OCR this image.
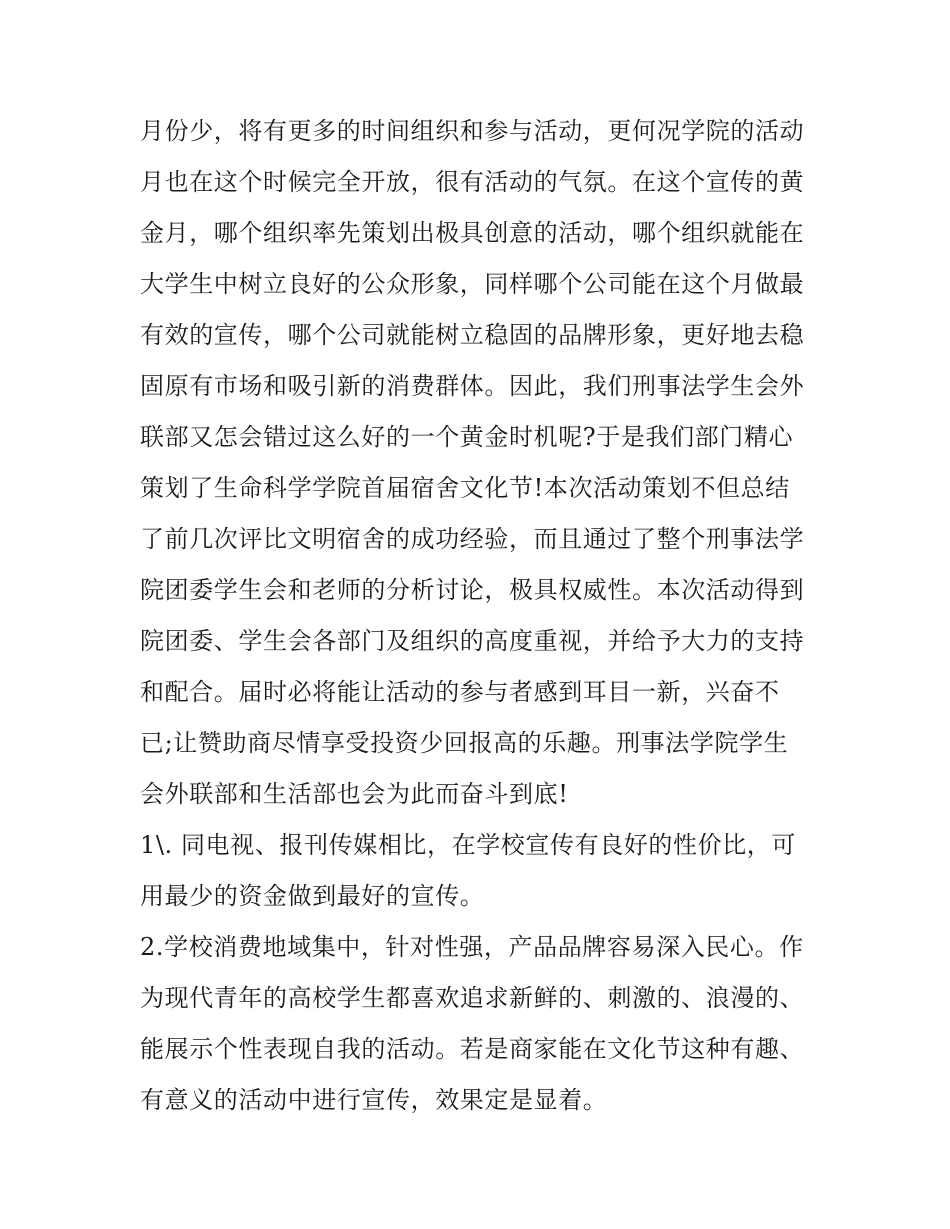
月份少，将有更多的时间组织和参与活动，更何况学院的活动
月也在这个时候完全开放，很有活动的气氛。在这个宣传的黄
金月，哪个组织率先策划出极具创意的活动，哪个组织就能在
大学生中树立良好的公众形象，同样哪个公司能在这个月做最
有效的宣传，哪个公司就能树立稳固的品牌形象，更好地去稳
固原有市场和吸引新的消费群体。因此，我们刑事法学生会外
联部又怎会错过这么好的一个黄金时机呢?于是我们部门精心
策划了生命科学学院首届宿舍文化节!本次活动策划不但总结
了前几次评比文明宿舍的成功经验，而且通过了整个刑事法学
院团委学生会和老师的分析讨论，极具权威性。本次活动得到
院团委、学生会各部门及组织的高度重视，并给予大力的支持
和配合。届时必将能让活动的参与者感到耳目一新，兴奋不
已;让赞助商尽情享受投资少回报高的乐趣。刑事法学院学生
会外联部和生活部也会为此而奋斗到底!
1\. 同电视、报刊传媒相比，在学校宣传有良好的性价比，可
用最少的资金做到最好的宣传。
2.学校消费地域集中，针对性强，产品品牌容易深入民心。作
为现代青年的高校学生都喜欢追求新鲜的、刺激的、浪漫的、
能展示个性表现自我的活动。若是商家能在文化节这种有趣、
有意义的活动中进行宣传，效果定是显着。
